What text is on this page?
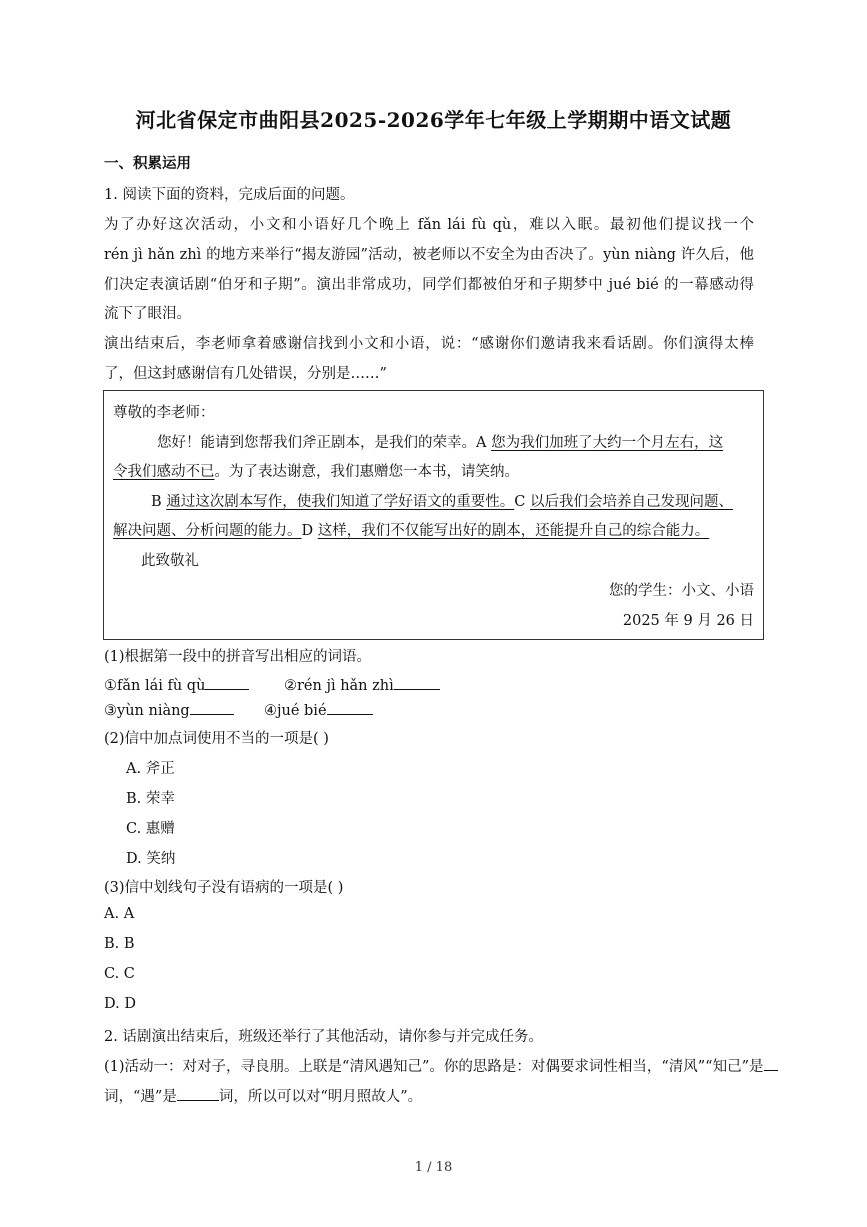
河北省保定市曲阳县2025-2026学年七年级上学期期中语文试题
一、积累运用
1. 阅读下面的资料，完成后面的问题。
为了办好这次活动，小文和小语好几个晚上 fǎn lái fù qù，难以入眠。最初他们提议找一个
rén jì hǎn zhì 的地方来举行“揭友游园”活动，被老师以不安全为由否决了。yùn niàng 许久后，他
们决定表演话剧“伯牙和子期”。演出非常成功，同学们都被伯牙和子期梦中 jué bié 的一幕感动得
流下了眼泪。
演出结束后，李老师拿着感谢信找到小文和小语，说：“感谢你们邀请我来看话剧。你们演得太棒
了，但这封感谢信有几处错误，分别是……”
尊敬的李老师：
您好！能请到您帮我们斧正剧本，是我们的荣幸。A 您为我们加班了大约一个月左右，这
令我们感动不已。为了表达谢意，我们惠赠您一本书，请笑纳。
B 通过这次剧本写作，使我们知道了学好语文的重要性。C 以后我们会培养自己发现问题、
解决问题、分析问题的能力。D 这样，我们不仅能写出好的剧本，还能提升自己的综合能力。
此致敬礼
您的学生：小文、小语
2025 年 9 月 26 日
(1)根据第一段中的拼音写出相应的词语。
①fǎn lái fù qù	②rén jì hǎn zhì
③yùn niàng	④jué bié
(2)信中加点词使用不当的一项是( )
A. 斧正
B. 荣幸
C. 惠赠
D. 笑纳
(3)信中划线句子没有语病的一项是( )
A. A
B. B
C. C
D. D
2. 话剧演出结束后，班级还举行了其他活动，请你参与并完成任务。
(1)活动一：对对子，寻良朋。上联是“清风遇知己”。你的思路是：对偶要求词性相当，“清风”“知己”是
词，“遇”是	词，所以可以对“明月照故人”。
1 / 18
